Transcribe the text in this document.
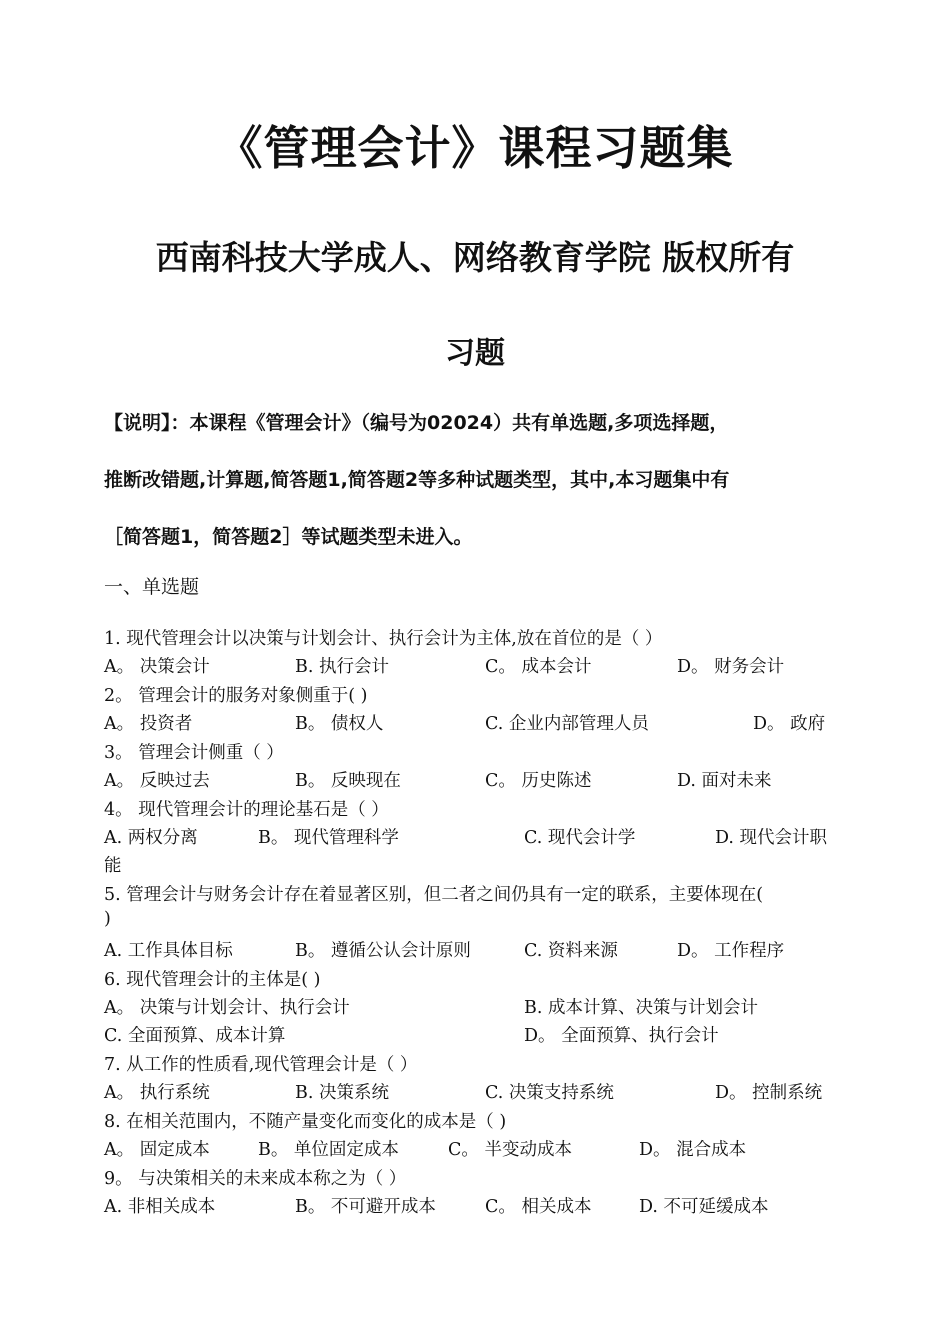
《管理会计》课程习题集
西南科技大学成人、网络教育学院 版权所有
习题
【说明】：本课程《管理会计》（编号为02024）共有单选题,多项选择题，
推断改错题,计算题,简答题1,简答题2等多种试题类型，其中,本习题集中有
［简答题1，简答题2］等试题类型未进入。
一、单选题
1. 现代管理会计以决策与计划会计、执行会计为主体,放在首位的是（ ）
A。 决策会计	B. 执行会计	C。 成本会计	D。 财务会计
2。 管理会计的服务对象侧重于( )
A。 投资者	B。 债权人	C. 企业内部管理人员	D。 政府
3。 管理会计侧重（ ）
A。 反映过去	B。 反映现在	C。 历史陈述	D. 面对未来
4。 现代管理会计的理论基石是（ ）
A. 两权分离	B。 现代管理科学	C. 现代会计学	D. 现代会计职
能
5. 管理会计与财务会计存在着显著区别，但二者之间仍具有一定的联系，主要体现在(
)
A. 工作具体目标	B。 遵循公认会计原则	C. 资料来源	D。 工作程序
6. 现代管理会计的主体是( )
A。 决策与计划会计、执行会计	B. 成本计算、决策与计划会计
C. 全面预算、成本计算	D。 全面预算、执行会计
7. 从工作的性质看,现代管理会计是（ ）
A。 执行系统	B. 决策系统	C. 决策支持系统	D。 控制系统
8. 在相关范围内，不随产量变化而变化的成本是（ )
A。 固定成本	B。 单位固定成本	C。 半变动成本	D。 混合成本
9。 与决策相关的未来成本称之为（ ）
A. 非相关成本	B。 不可避开成本	C。 相关成本	D. 不可延缓成本
